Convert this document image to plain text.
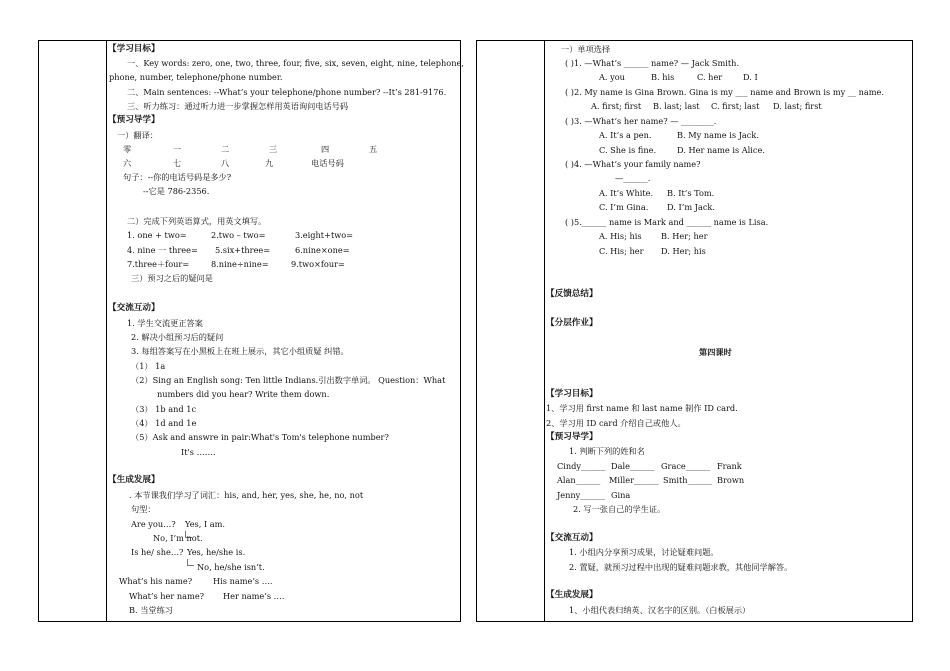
【学习目标】
一、Key words: zero, one, two, three, four, five, six, seven, eight, nine, telephone,
phone, number, telephone/phone number.
二、Main sentences: --What’s your telephone/phone number? --It’s 281-9176.
三、听力练习：通过听力进一步掌握怎样用英语询问电话号码
【预习导学】
一）翻译：
零	一	二	三	四	五
六	七	八	九	电话号码
句子：--你的电话号码是多少?
--它是 786-2356.
二）完成下列英语算式，用英文填写。
1. one + two=	2.two – two=	3.eight+two=
4. nine 一 three= 5.six+three=	6.nine×one=
7.three＋four=	8.nine÷nine=	9.two×four=
三）预习之后的疑问是
【交流互动】
1. 学生交流更正答案
2. 解决小组预习后的疑问
3. 每组答案写在小黑板上在班上展示，其它小组质疑 纠错。
（1） 1a
（2）Sing an English song: Ten little Indians.引出数字单词。 Question：What
numbers did you hear? Write them down.
（3） 1b and 1c
（4） 1d and 1e
（5）Ask and answre in pair:What's Tom's telephone number?
It's …….
【生成发展】
. 本节课我们学习了词汇：his, and, her, yes, she, he, no, not
句型：
Are you…? Yes, I am.
No, I’m not.
Is he/ she…? Yes, he/she is.
No, he/she isn’t.
What’s his name?	His name’s ….
What’s her name? Her name’s ….
B. 当堂练习
一）单项选择
( )1. —What’s ______ name? — Jack Smith.
A. you	B. his	C. her	D. I
( )2. My name is Gina Brown. Gina is my ___ name and Brown is my __ name.
A. first; first B. last; last C. first; last D. last; first
( )3. —What’s her name? — ________.
A. It’s a pen.	B. My name is Jack.
C. She is fine.	D. Her name is Alice.
( )4. —What’s your family name?
—______.
A. It’s White. B. It’s Tom.
C. I’m Gina. D. I’m Jack.
( )5.______ name is Mark and ______ name is Lisa.
A. His; his B. Her; her
C. His; her D. Her; his
【反馈总结】
【分层作业】
第四课时
【学习目标】
1、学习用 first name 和 last name 制作 ID card.
2、学习用 ID card 介绍自己或他人。
【预习导学】
1. 判断下列的姓和名
Cindy______ Dale______ Grace______ Frank
Alan______ Miller______ Smith______ Brown
Jenny______ Gina
2. 写一张自己的学生证。
【交流互动】
1. 小组内分享预习成果，讨论疑难问题。
2. 置疑，就预习过程中出现的疑难问题求教，其他同学解答。
【生成发展】
1、小组代表归纳英、汉名字的区别。（白板展示）
